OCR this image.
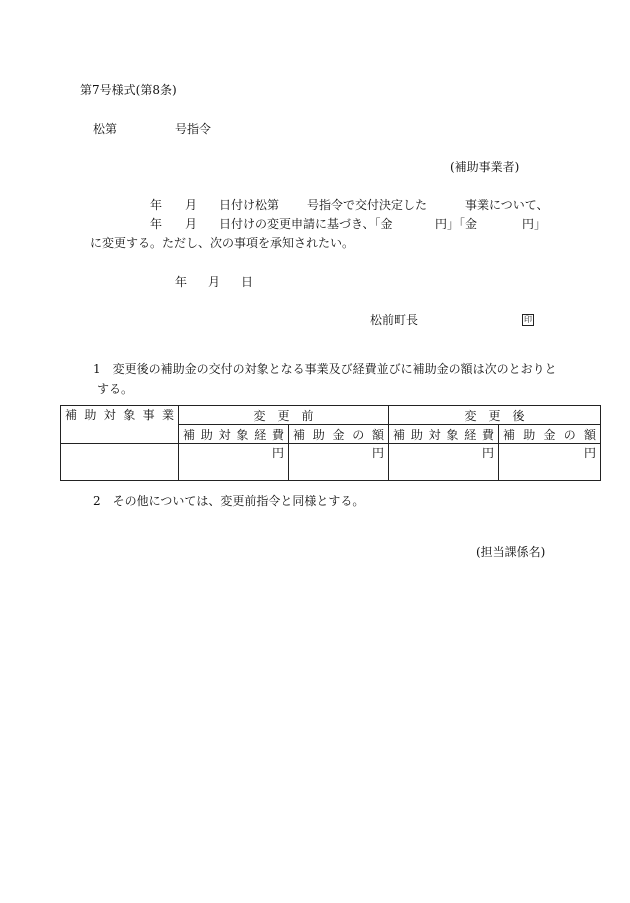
第7号様式(第8条)
松第	号指令
(補助事業者)
年 月 日付け松第 号指令で交付決定した	事業について、
年 月 日付けの変更申請に基づき、「金	円」「金	円」
に変更する。ただし、次の事項を承知されたい。
年 月 日
松前町長	印
1　変更後の補助金の交付の対象となる事業及び経費並びに補助金の額は次のとおりと
する。
補助対象事業	変　更　前		変　更　後	
	補助対象経費	補助金の額	補助対象経費	補助金の額
	円	円	円	円
2　その他については、変更前指令と同様とする。
(担当課係名)
